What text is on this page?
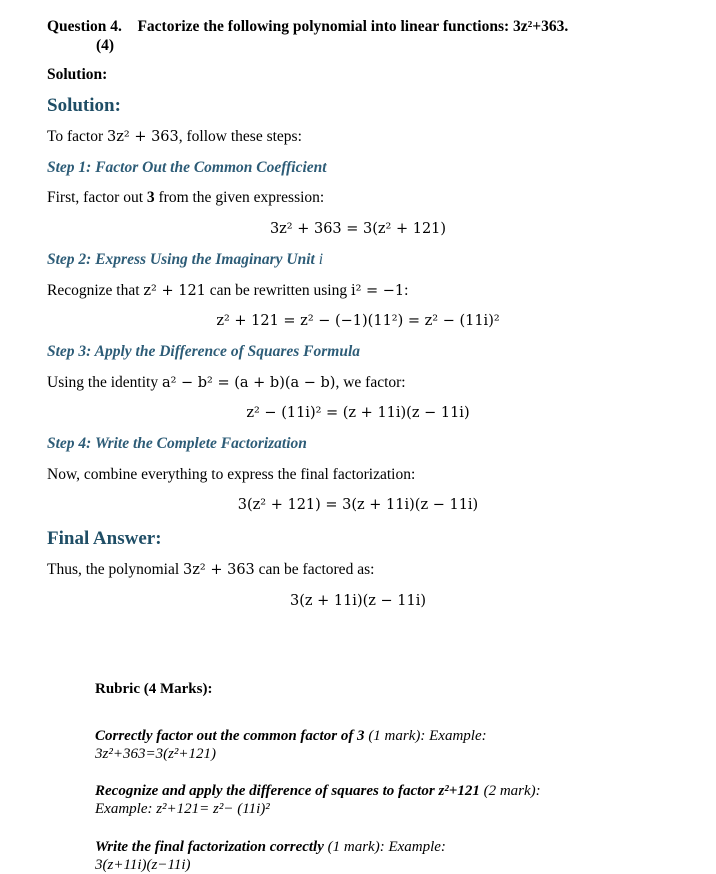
Question 4. Factorize the following polynomial into linear functions: 3z²+363.
(4)
Solution:
Solution:
To factor 3z² + 363, follow these steps:
Step 1: Factor Out the Common Coefficient
First, factor out 3 from the given expression:
3z² + 363 = 3(z² + 121)
Step 2: Express Using the Imaginary Unit i
Recognize that z² + 121 can be rewritten using i² = −1:
z² + 121 = z² − (−1)(11²) = z² − (11i)²
Step 3: Apply the Difference of Squares Formula
Using the identity a² − b² = (a + b)(a − b), we factor:
z² − (11i)² = (z + 11i)(z − 11i)
Step 4: Write the Complete Factorization
Now, combine everything to express the final factorization:
3(z² + 121) = 3(z + 11i)(z − 11i)
Final Answer:
Thus, the polynomial 3z² + 363 can be factored as:
3(z + 11i)(z − 11i)
Rubric (4 Marks):
Correctly factor out the common factor of 3 (1 mark): Example:
3z²+363=3(z²+121)
Recognize and apply the difference of squares to factor z²+121 (2 mark):
Example: z²+121= z²− (11i)²
Write the final factorization correctly (1 mark): Example:
3(z+11i)(z−11i)
